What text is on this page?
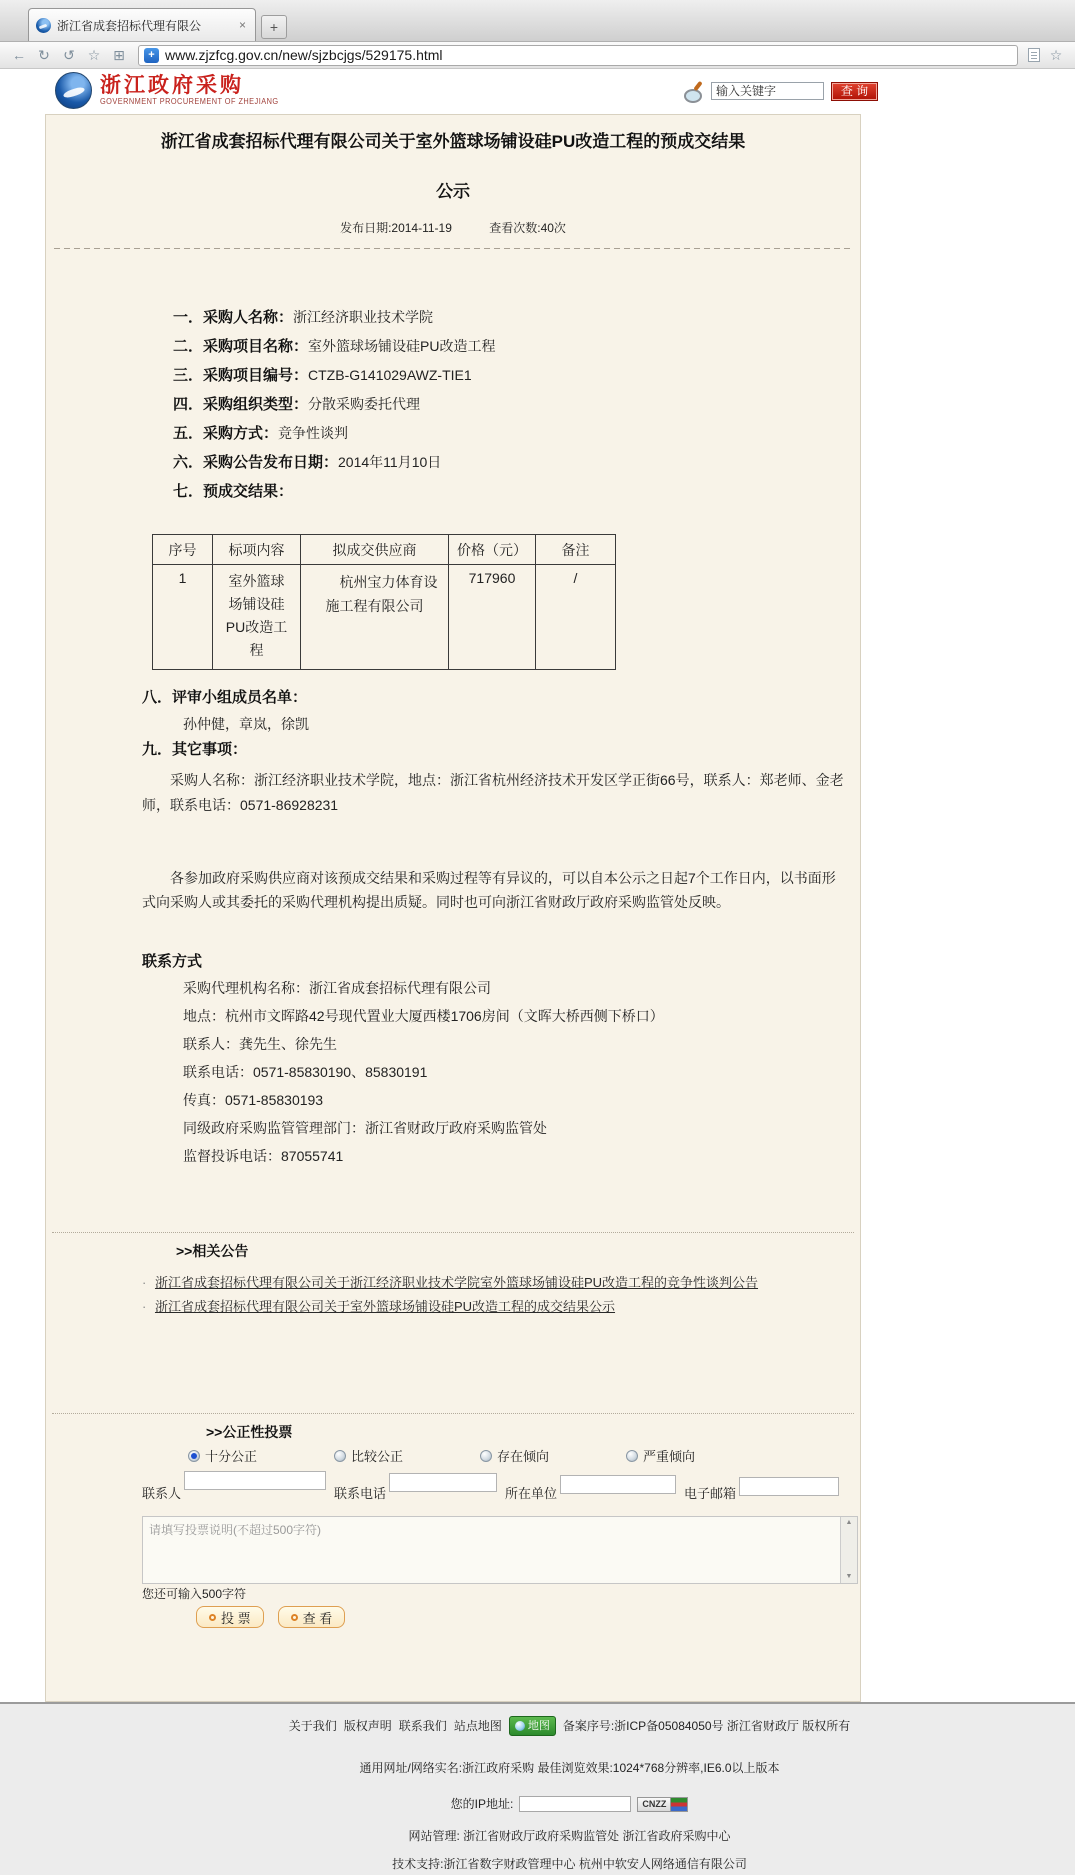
浙江省成套招标代理有限公	×	+
← ↻ ↺ ☆ ⊞	+ www.zjzfcg.gov.cn/new/sjzbcjgs/529175.html	☆
浙江政府采购
GOVERNMENT PROCUREMENT OF ZHEJIANG
输入关键字
查 询
浙江省成套招标代理有限公司关于室外篮球场铺设硅PU改造工程的预成交结果
公示
发布日期:2014-11-19	查看次数:40次
一．采购人名称：浙江经济职业技术学院
二．采购项目名称：室外篮球场铺设硅PU改造工程
三．采购项目编号：CTZB-G141029AWZ-TIE1
四．采购组织类型：分散采购委托代理
五．采购方式：竞争性谈判
六．采购公告发布日期：2014年11月10日
七．预成交结果：
序号	标项内容	拟成交供应商	价格（元）	备注
1	室外篮球场铺设硅PU改造工程	杭州宝力体育设施工程有限公司	717960	/
八．评审小组成员名单：
孙仲健，章岚，徐凯
九．其它事项：

采购人名称：浙江经济职业技术学院，地点：浙江省杭州经济技术开发区学正街66号，联系人：郑老师、金老师，联系电话：0571-86928231

各参加政府采购供应商对该预成交结果和采购过程等有异议的，可以自本公示之日起7个工作日内，以书面形式向采购人或其委托的采购代理机构提出质疑。同时也可向浙江省财政厅政府采购监管处反映。

联系方式
采购代理机构名称：浙江省成套招标代理有限公司
地点：杭州市文晖路42号现代置业大厦西楼1706房间（文晖大桥西侧下桥口）
联系人：龚先生、徐先生
联系电话：0571-85830190、85830191
传真：0571-85830193
同级政府采购监管管理部门：浙江省财政厅政府采购监管处
监督投诉电话：87055741
>>相关公告
· 浙江省成套招标代理有限公司关于浙江经济职业技术学院室外篮球场铺设硅PU改造工程的竞争性谈判公告
· 浙江省成套招标代理有限公司关于室外篮球场铺设硅PU改造工程的成交结果公示
>>公正性投票
十分公正	比较公正	存在倾向	严重倾向
联系人	联系电话	所在单位	电子邮箱
请填写投票说明(不超过500字符)
▲
▼
您还可输入500字符
投 票	查 看
关于我们 版权声明 联系我们 站点地图 地图 备案序号:浙ICP备05084050号 浙江省财政厅 版权所有
通用网址/网络实名:浙江政府采购 最佳浏览效果:1024*768分辨率,IE6.0以上版本
您的IP地址:	CNZZ
网站管理: 浙江省财政厅政府采购监管处 浙江省政府采购中心
技术支持:浙江省数字财政管理中心 杭州中软安人网络通信有限公司
